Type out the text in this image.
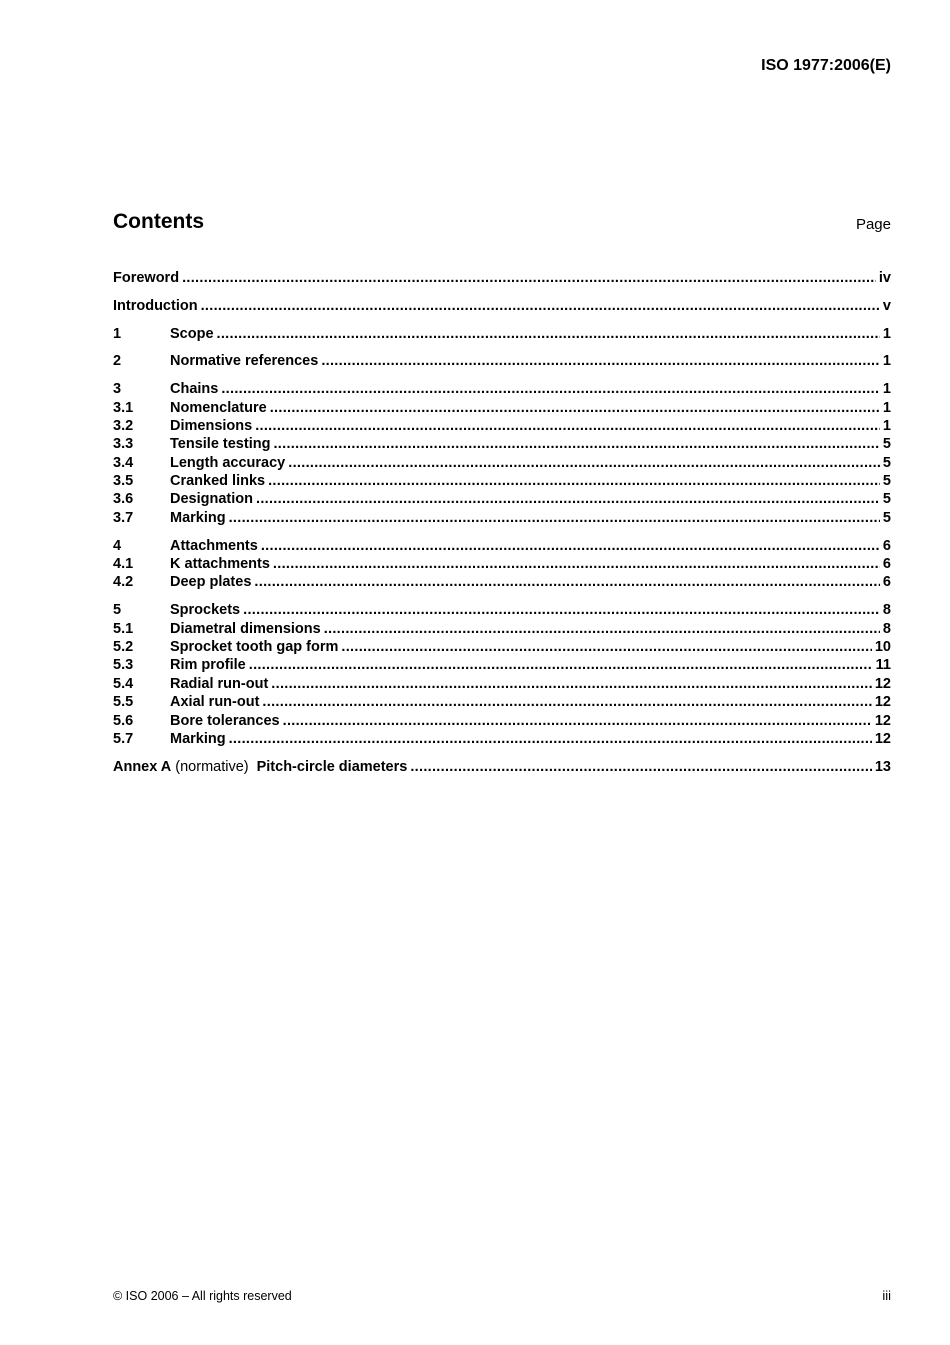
ISO 1977:2006(E)
Contents	Page
Foreword .....	iv
Introduction .....	v
1	Scope .....	1
2	Normative references .....	1
3	Chains .....	1
3.1	Nomenclature .....	1
3.2	Dimensions .....	1
3.3	Tensile testing .....	5
3.4	Length accuracy .....	5
3.5	Cranked links .....	5
3.6	Designation .....	5
3.7	Marking .....	5
4	Attachments .....	6
4.1	K attachments .....	6
4.2	Deep plates .....	6
5	Sprockets .....	8
5.1	Diametral dimensions .....	8
5.2	Sprocket tooth gap form .....	10
5.3	Rim profile .....	11
5.4	Radial run-out .....	12
5.5	Axial run-out .....	12
5.6	Bore tolerances .....	12
5.7	Marking .....	12
Annex A (normative) Pitch-circle diameters .....	13
© ISO 2006 – All rights reserved	iii
